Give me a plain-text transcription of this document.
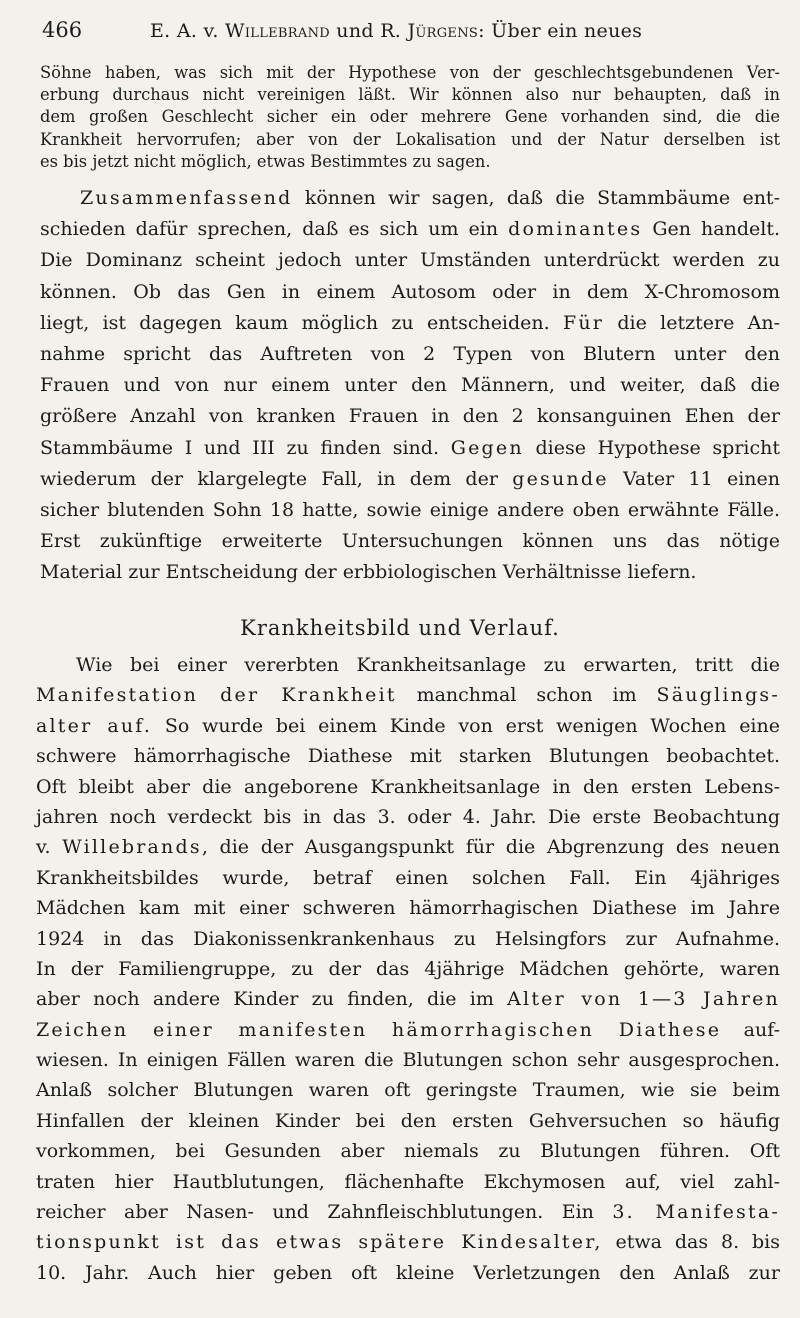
466	E. A. v. Willebrand und R. Jürgens: Über ein neues
Söhne haben, was sich mit der Hypothese von der geschlechtsgebundenen Ver-
erbung durchaus nicht vereinigen läßt. Wir können also nur behaupten, daß in
dem großen Geschlecht sicher ein oder mehrere Gene vorhanden sind, die die
Krankheit hervorrufen; aber von der Lokalisation und der Natur derselben ist
es bis jetzt nicht möglich, etwas Bestimmtes zu sagen.
Zusammenfassend können wir sagen, daß die Stammbäume ent-
schieden dafür sprechen, daß es sich um ein dominantes Gen handelt.
Die Dominanz scheint jedoch unter Umständen unterdrückt werden zu
können. Ob das Gen in einem Autosom oder in dem X-Chromosom
liegt, ist dagegen kaum möglich zu entscheiden. Für die letztere An-
nahme spricht das Auftreten von 2 Typen von Blutern unter den
Frauen und von nur einem unter den Männern, und weiter, daß die
größere Anzahl von kranken Frauen in den 2 konsanguinen Ehen der
Stammbäume I und III zu finden sind. Gegen diese Hypothese spricht
wiederum der klargelegte Fall, in dem der gesunde Vater 11 einen
sicher blutenden Sohn 18 hatte, sowie einige andere oben erwähnte Fälle.
Erst zukünftige erweiterte Untersuchungen können uns das nötige
Material zur Entscheidung der erbbiologischen Verhältnisse liefern.
Krankheitsbild und Verlauf.
Wie bei einer vererbten Krankheitsanlage zu erwarten, tritt die
Manifestation der Krankheit manchmal schon im Säuglings-
alter auf. So wurde bei einem Kinde von erst wenigen Wochen eine
schwere hämorrhagische Diathese mit starken Blutungen beobachtet.
Oft bleibt aber die angeborene Krankheitsanlage in den ersten Lebens-
jahren noch verdeckt bis in das 3. oder 4. Jahr. Die erste Beobachtung
v. Willebrands, die der Ausgangspunkt für die Abgrenzung des neuen
Krankheitsbildes wurde, betraf einen solchen Fall. Ein 4jähriges
Mädchen kam mit einer schweren hämorrhagischen Diathese im Jahre
1924 in das Diakonissenkrankenhaus zu Helsingfors zur Aufnahme.
In der Familiengruppe, zu der das 4jährige Mädchen gehörte, waren
aber noch andere Kinder zu finden, die im Alter von 1—3 Jahren
Zeichen einer manifesten hämorrhagischen Diathese auf-
wiesen. In einigen Fällen waren die Blutungen schon sehr ausgesprochen.
Anlaß solcher Blutungen waren oft geringste Traumen, wie sie beim
Hinfallen der kleinen Kinder bei den ersten Gehversuchen so häufig
vorkommen, bei Gesunden aber niemals zu Blutungen führen. Oft
traten hier Hautblutungen, flächenhafte Ekchymosen auf, viel zahl-
reicher aber Nasen- und Zahnfleischblutungen. Ein 3. Manifesta-
tionspunkt ist das etwas spätere Kindesalter, etwa das 8. bis
10. Jahr. Auch hier geben oft kleine Verletzungen den Anlaß zur
